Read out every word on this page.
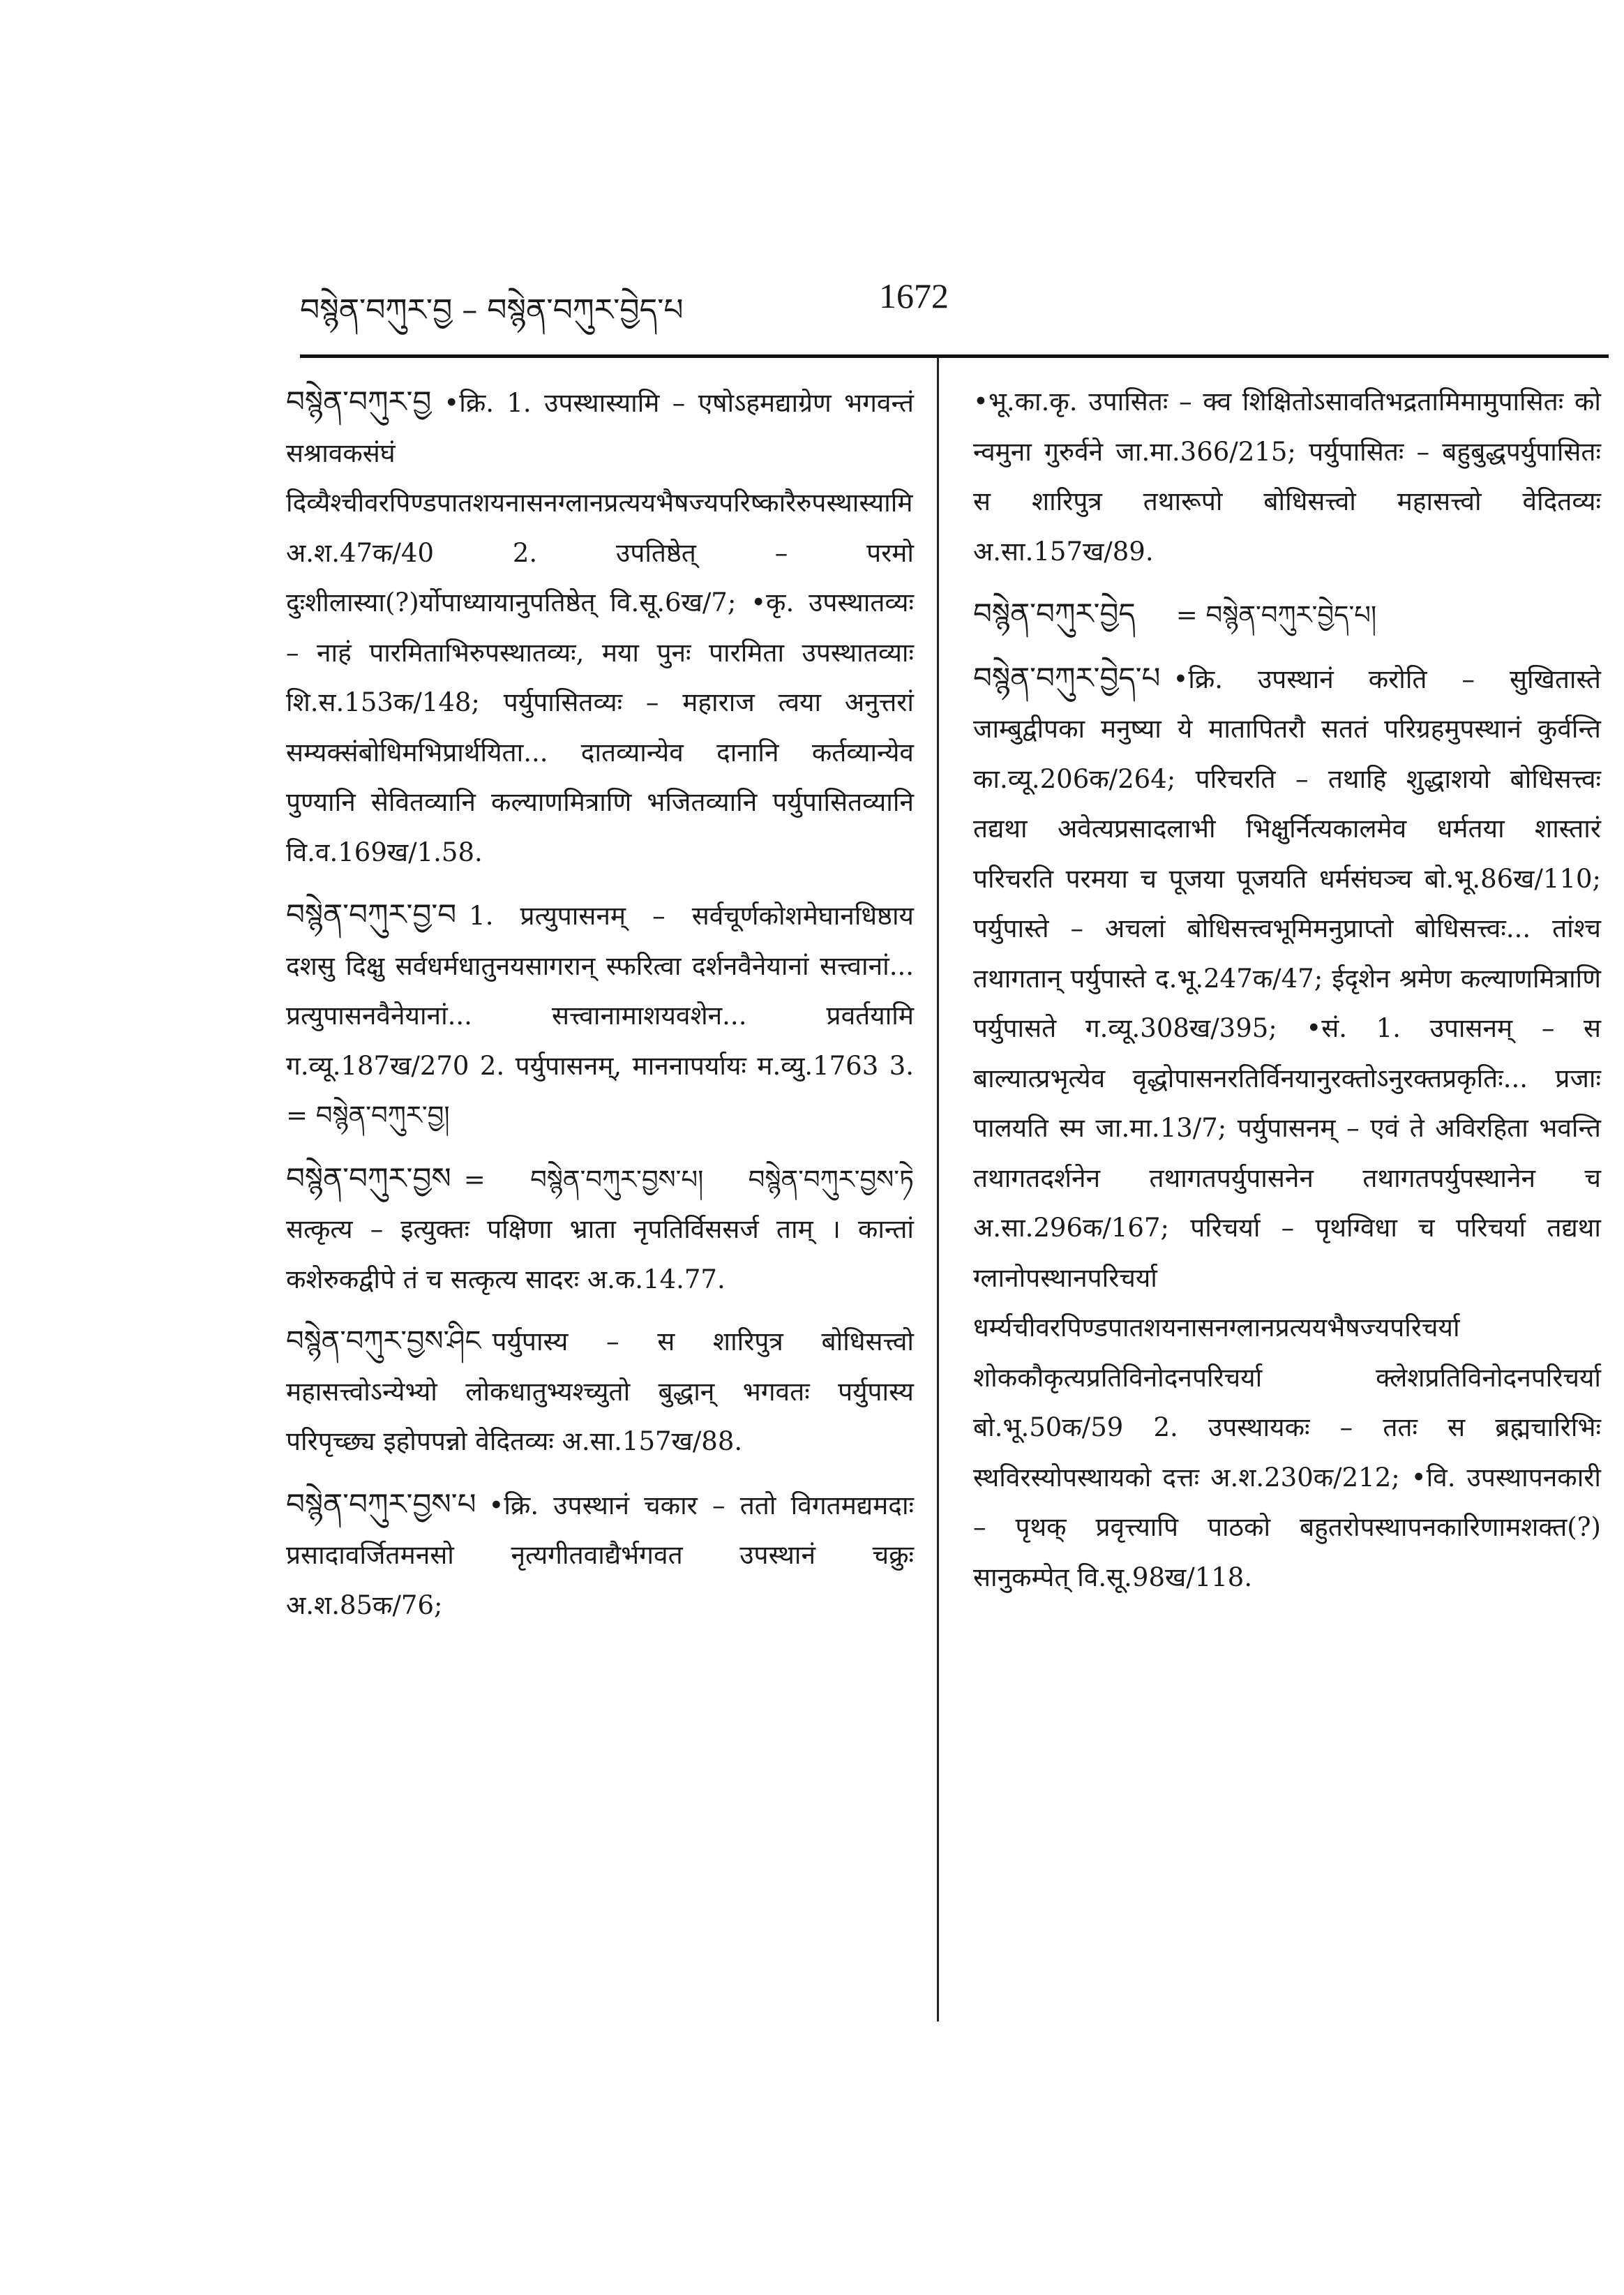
བསྙེན་བཀུར་བྱ – བསྙེན་བཀུར་བྱེད་པ	1672

བསྙེན་བཀུར་བྱ •क्रि. 1. उपस्थास्यामि – एषोऽहमद्याग्रेण भगवन्तं सश्रावकसंघं दिव्यैश्चीवरपिण्डपातशयनासनग्लानप्रत्ययभैषज्यपरिष्कारैरुपस्थास्यामि अ.श.47क/40 2. उपतिष्ठेत् – परमो दुःशीलास्या(?)र्योपाध्यायानुपतिष्ठेत् वि.सू.6ख/7; •कृ. उपस्थातव्यः – नाहं पारमिताभिरुपस्थातव्यः, मया पुनः पारमिता उपस्थातव्याः शि.स.153क/148; पर्युपासितव्यः – महाराज त्वया अनुत्तरां सम्यक्संबोधिमभिप्रार्थयिता... दातव्यान्येव दानानि कर्तव्यान्येव पुण्यानि सेवितव्यानि कल्याणमित्राणि भजितव्यानि पर्युपासितव्यानि वि.व.169ख/1.58.

བསྙེན་བཀུར་བྱ་བ 1. प्रत्युपासनम् – सर्वचूर्णकोशमेघानधिष्ठाय दशसु दिक्षु सर्वधर्मधातुनयसागरान् स्फरित्वा दर्शनवैनेयानां सत्त्वानां... प्रत्युपासनवैनेयानां... सत्त्वानामाशयवशेन... प्रवर्तयामि ग.व्यू.187ख/270 2. पर्युपासनम्, माननापर्यायः म.व्यु.1763 3. = བསྙེན་བཀུར་བྱ།

བསྙེན་བཀུར་བྱས = བསྙེན་བཀུར་བྱས་པ། བསྙེན་བཀུར་བྱས་ཏེ सत्कृत्य – इत्युक्तः पक्षिणा भ्राता नृपतिर्विससर्ज ताम् । कान्तां कशेरुकद्वीपे तं च सत्कृत्य सादरः अ.क.14.77.

བསྙེན་བཀུར་བྱས་ཤིང पर्युपास्य – स शारिपुत्र बोधिसत्त्वो महासत्त्वोऽन्येभ्यो लोकधातुभ्यश्च्युतो बुद्धान् भगवतः पर्युपास्य परिपृच्छ्य इहोपपन्नो वेदितव्यः अ.सा.157ख/88.

བསྙེན་བཀུར་བྱས་པ •क्रि. उपस्थानं चकार – ततो विगतमद्यमदाः प्रसादावर्जितमनसो नृत्यगीतवाद्यैर्भगवत उपस्थानं चक्रुः अ.श.85क/76;

•भू.का.कृ. उपासितः – क्व शिक्षितोऽसावतिभद्रतामिमामुपासितः को न्वमुना गुरुर्वने जा.मा.366/215; पर्युपासितः – बहुबुद्धपर्युपासितः स शारिपुत्र तथारूपो बोधिसत्त्वो महासत्त्वो वेदितव्यः अ.सा.157ख/89.

བསྙེན་བཀུར་བྱེད = བསྙེན་བཀུར་བྱེད་པ།

བསྙེན་བཀུར་བྱེད་པ •क्रि. उपस्थानं करोति – सुखितास्ते जाम्बुद्वीपका मनुष्या ये मातापितरौ सततं परिग्रहमुपस्थानं कुर्वन्ति का.व्यू.206क/264; परिचरति – तथाहि शुद्धाशयो बोधिसत्त्वः तद्यथा अवेत्यप्रसादलाभी भिक्षुर्नित्यकालमेव धर्मतया शास्तारं परिचरति परमया च पूजया पूजयति धर्मसंघञ्च बो.भू.86ख/110; पर्युपास्ते – अचलां बोधिसत्त्वभूमिमनुप्राप्तो बोधिसत्त्वः... तांश्च तथागतान् पर्युपास्ते द.भू.247क/47; ईदृशेन श्रमेण कल्याणमित्राणि पर्युपासते ग.व्यू.308ख/395; •सं. 1. उपासनम् – स बाल्यात्प्रभृत्येव वृद्धोपासनरतिर्विनयानुरक्तोऽनुरक्तप्रकृतिः... प्रजाः पालयति स्म जा.मा.13/7; पर्युपासनम् – एवं ते अविरहिता भवन्ति तथागतदर्शनेन तथागतपर्युपासनेन तथागतपर्युपस्थानेन च अ.सा.296क/167; परिचर्या – पृथग्विधा च परिचर्या तद्यथा ग्लानोपस्थानपरिचर्या धर्म्यचीवरपिण्डपातशयनासनग्लानप्रत्ययभैषज्यपरिचर्या शोककौकृत्यप्रतिविनोदनपरिचर्या क्लेशप्रतिविनोदनपरिचर्या बो.भू.50क/59 2. उपस्थायकः – ततः स ब्रह्मचारिभिः स्थविरस्योपस्थायको दत्तः अ.श.230क/212; •वि. उपस्थापनकारी – पृथक् प्रवृत्त्यापि पाठको बहुतरोपस्थापनकारिणामशक्त(?) सानुकम्पेत् वि.सू.98ख/118.
